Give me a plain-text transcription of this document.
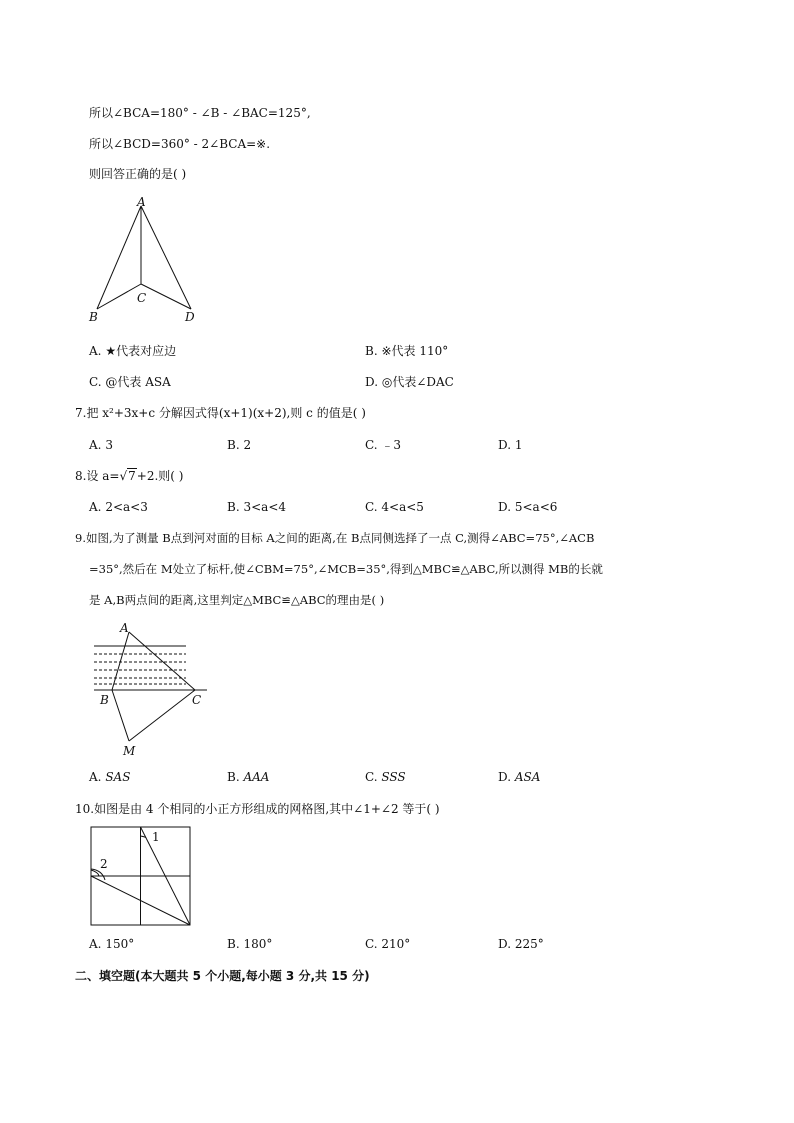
所以∠BCA=180° - ∠B - ∠BAC=125°,
所以∠BCD=360° - 2∠BCA=※.
则回答正确的是( )
A
B
C
D
A. ★代表对应边	B. ※代表 110°
C. @代表 ASA	D. ◎代表∠DAC
7.把 x²+3x+c 分解因式得(x+1)(x+2),则 c 的值是( )
A. 3	B. 2	C. ﹣3	D. 1
8.设 a=√7+2.则( )
A. 2<a<3	B. 3<a<4	C. 4<a<5	D. 5<a<6
9.如图,为了测量 B点到河对面的目标 A之间的距离,在 B点同侧选择了一点 C,测得∠ABC=75°,∠ACB
=35°,然后在 M处立了标杆,使∠CBM=75°,∠MCB=35°,得到△MBC≌△ABC,所以测得 MB的长就
是 A,B两点间的距离,这里判定△MBC≌△ABC的理由是( )
A
B	C
M
A. SAS	B. AAA	C. SSS	D. ASA
10.如图是由 4 个相同的小正方形组成的网格图,其中∠1+∠2 等于( )
1
2
A. 150°	B. 180°	C. 210°	D. 225°
二、填空题(本大题共 5 个小题,每小题 3 分,共 15 分)
